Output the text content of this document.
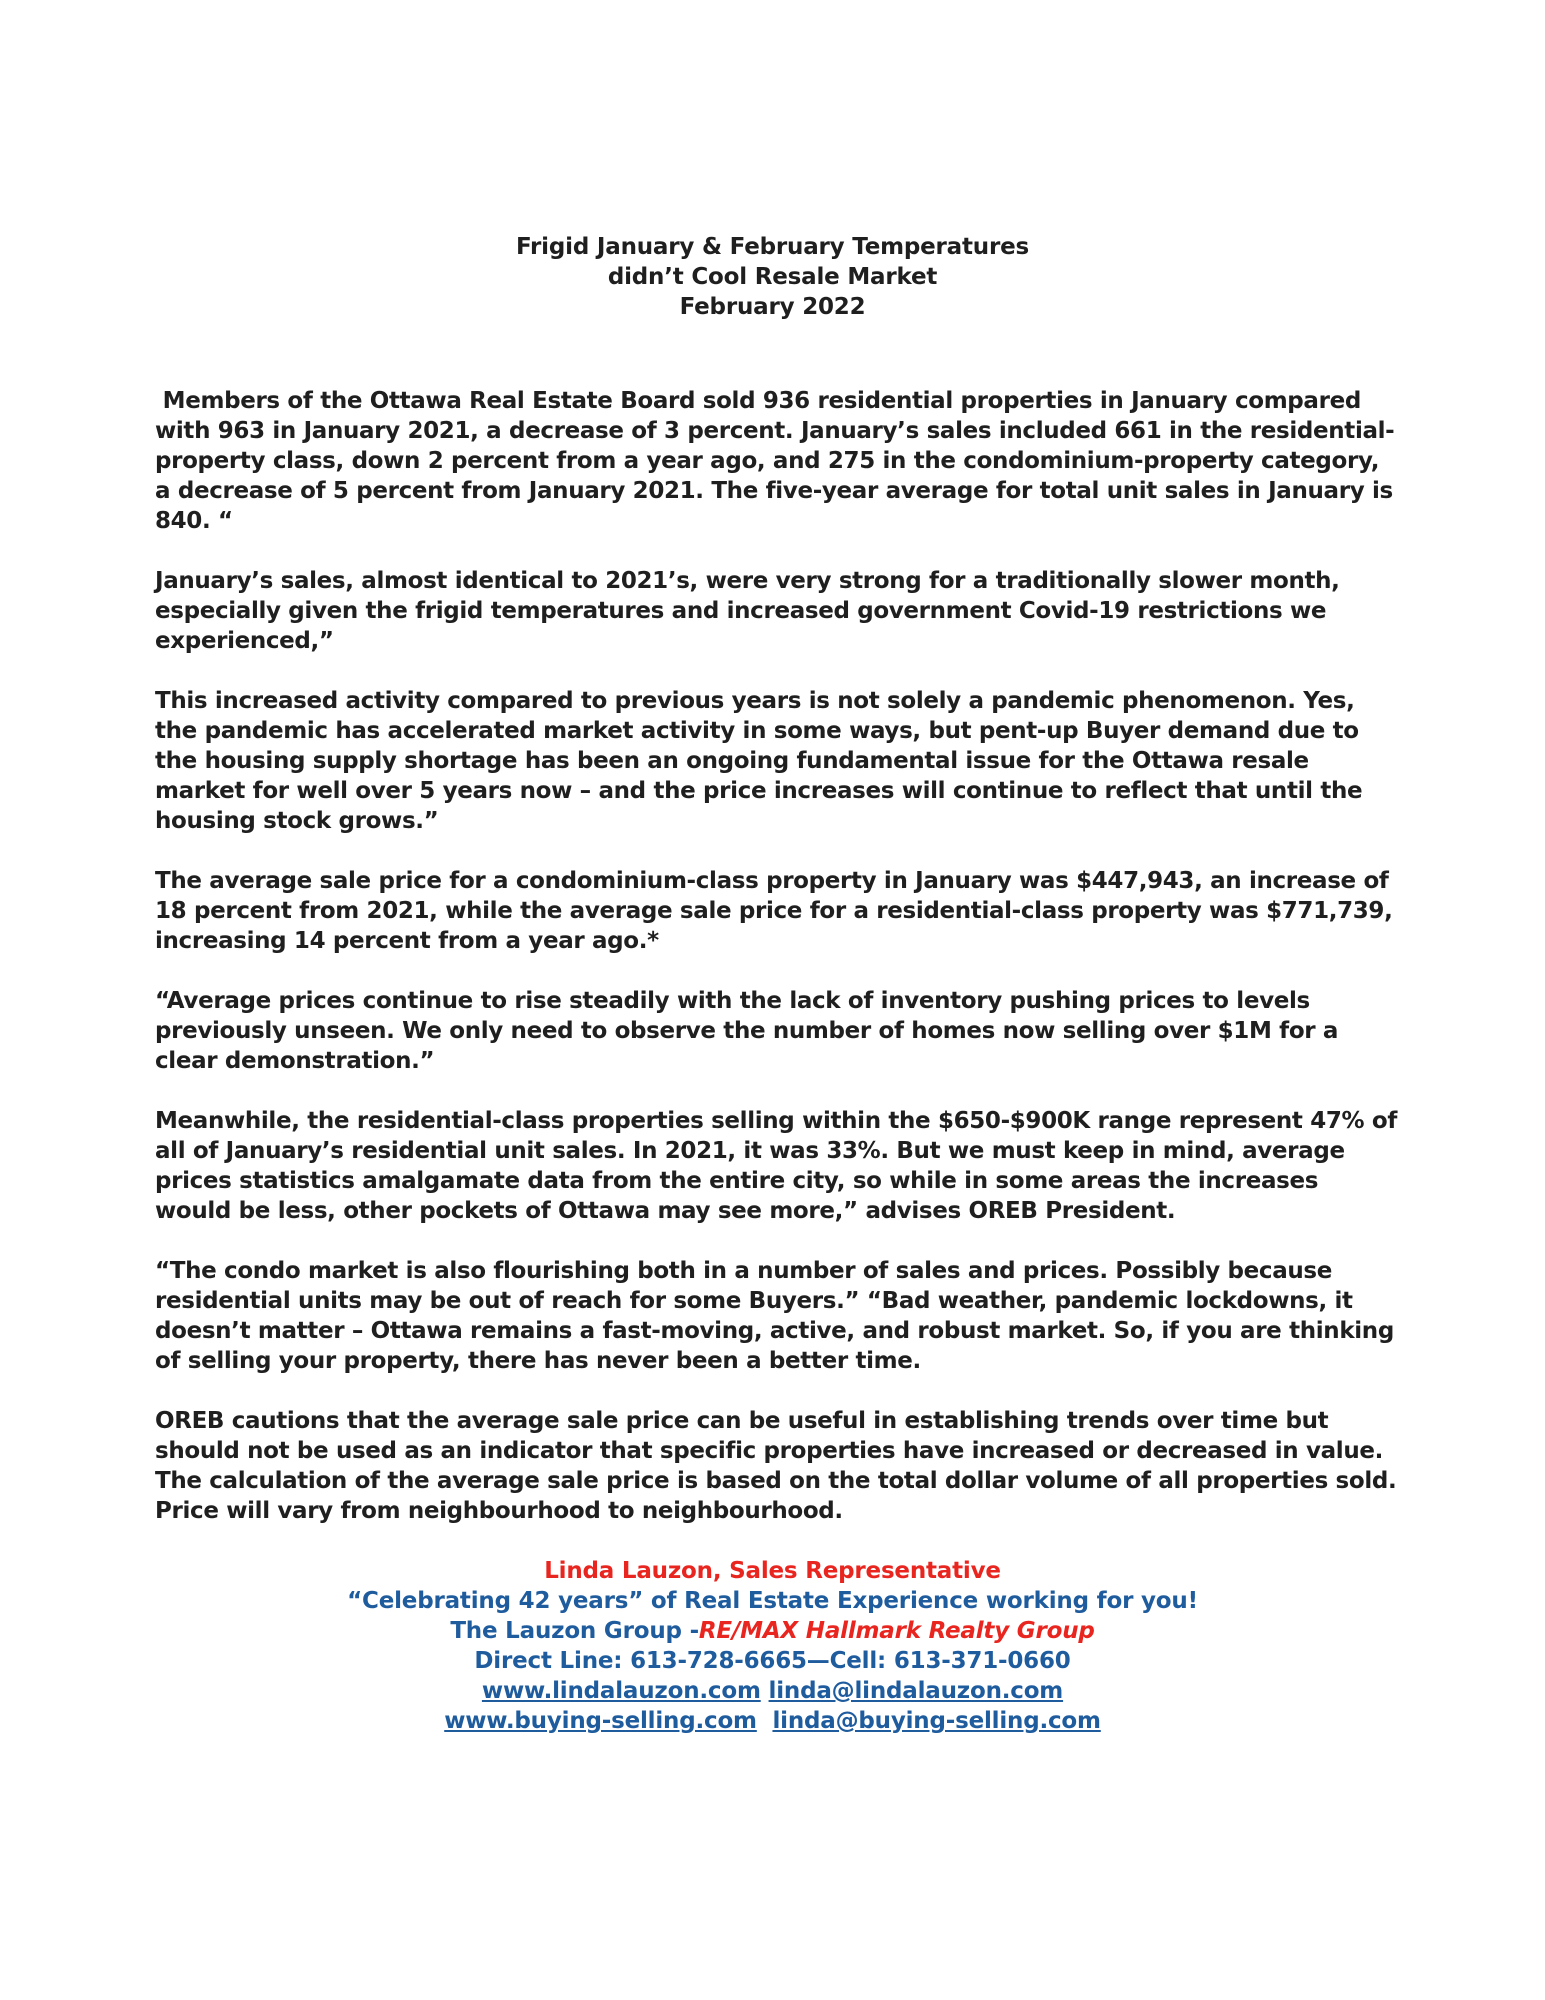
Frigid January & February Temperatures
didn’t Cool Resale Market
February 2022

Members of the Ottawa Real Estate Board sold 936 residential properties in January compared with 963 in January 2021, a decrease of 3 percent. January’s sales included 661 in the residential-property class, down 2 percent from a year ago, and 275 in the condominium-property category, a decrease of 5 percent from January 2021. The five-year average for total unit sales in January is 840. “

January’s sales, almost identical to 2021’s, were very strong for a traditionally slower month, especially given the frigid temperatures and increased government Covid-19 restrictions we experienced,”

This increased activity compared to previous years is not solely a pandemic phenomenon. Yes, the pandemic has accelerated market activity in some ways, but pent-up Buyer demand due to the housing supply shortage has been an ongoing fundamental issue for the Ottawa resale market for well over 5 years now – and the price increases will continue to reflect that until the housing stock grows.”

The average sale price for a condominium-class property in January was $447,943, an increase of 18 percent from 2021, while the average sale price for a residential-class property was $771,739, increasing 14 percent from a year ago.*

“Average prices continue to rise steadily with the lack of inventory pushing prices to levels previously unseen. We only need to observe the number of homes now selling over $1M for a clear demonstration.”

Meanwhile, the residential-class properties selling within the $650-$900K range represent 47% of all of January’s residential unit sales. In 2021, it was 33%. But we must keep in mind, average prices statistics amalgamate data from the entire city, so while in some areas the increases would be less, other pockets of Ottawa may see more,” advises OREB President.

“The condo market is also flourishing both in a number of sales and prices. Possibly because residential units may be out of reach for some Buyers.” “Bad weather, pandemic lockdowns, it doesn’t matter – Ottawa remains a fast-moving, active, and robust market. So, if you are thinking of selling your property, there has never been a better time.

OREB cautions that the average sale price can be useful in establishing trends over time but should not be used as an indicator that specific properties have increased or decreased in value. The calculation of the average sale price is based on the total dollar volume of all properties sold. Price will vary from neighbourhood to neighbourhood.

Linda Lauzon, Sales Representative
“Celebrating 42 years” of Real Estate Experience working for you!
The Lauzon Group -RE/MAX Hallmark Realty Group
Direct Line: 613-728-6665—Cell: 613-371-0660
www.lindalauzon.com linda@lindalauzon.com
www.buying-selling.com linda@buying-selling.com
